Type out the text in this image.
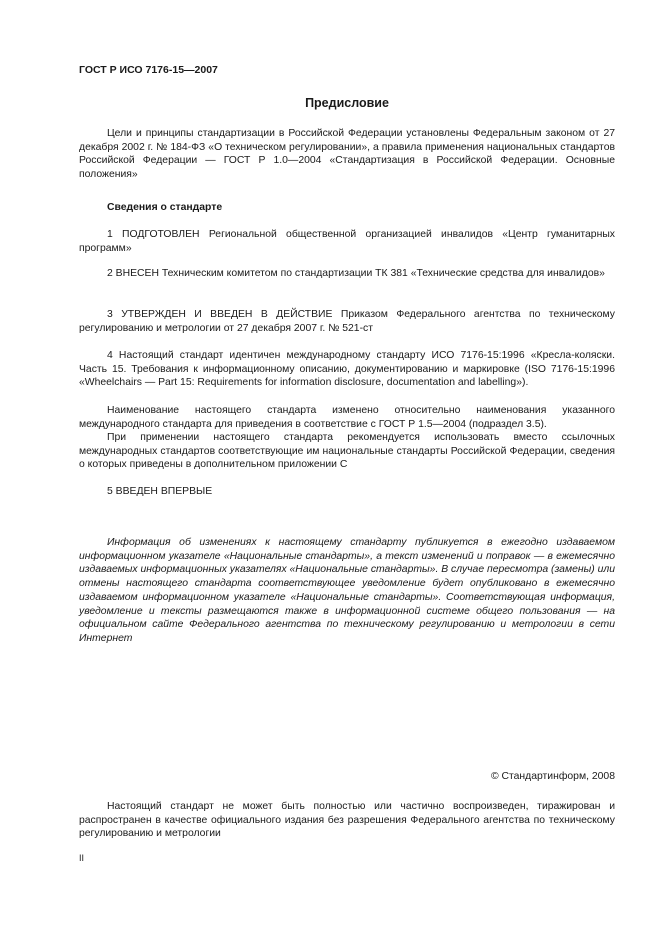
ГОСТ Р ИСО 7176-15—2007
Предисловие

Цели и принципы стандартизации в Российской Федерации установлены Федеральным законом от 27 декабря 2002 г. № 184-ФЗ «О техническом регулировании», а правила применения национальных стандартов Российской Федерации — ГОСТ Р 1.0—2004 «Стандартизация в Российской Федерации. Основные положения»

Сведения о стандарте

1 ПОДГОТОВЛЕН Региональной общественной организацией инвалидов «Центр гуманитарных программ»

2 ВНЕСЕН Техническим комитетом по стандартизации ТК 381 «Технические средства для инвалидов»

3 УТВЕРЖДЕН И ВВЕДЕН В ДЕЙСТВИЕ Приказом Федерального агентства по техническому регулированию и метрологии от 27 декабря 2007 г. № 521-ст

4 Настоящий стандарт идентичен международному стандарту ИСО 7176-15:1996 «Кресла-коляски. Часть 15. Требования к информационному описанию, документированию и маркировке (ISO 7176-15:1996 «Wheelchairs — Part 15: Requirements for information disclosure, documentation and labelling»).

Наименование настоящего стандарта изменено относительно наименования указанного международного стандарта для приведения в соответствие с ГОСТ Р 1.5—2004 (подраздел 3.5).

При применении настоящего стандарта рекомендуется использовать вместо ссылочных международных стандартов соответствующие им национальные стандарты Российской Федерации, сведения о которых приведены в дополнительном приложении С

5 ВВЕДЕН ВПЕРВЫЕ

Информация об изменениях к настоящему стандарту публикуется в ежегодно издаваемом информационном указателе «Национальные стандарты», а текст изменений и поправок — в ежемесячно издаваемых информационных указателях «Национальные стандарты». В случае пересмотра (замены) или отмены настоящего стандарта соответствующее уведомление будет опубликовано в ежемесячно издаваемом информационном указателе «Национальные стандарты». Соответствующая информация, уведомление и тексты размещаются также в информационной системе общего пользования — на официальном сайте Федерального агентства по техническому регулированию и метрологии в сети Интернет

© Стандартинформ, 2008

Настоящий стандарт не может быть полностью или частично воспроизведен, тиражирован и распространен в качестве официального издания без разрешения Федерального агентства по техническому регулированию и метрологии

II
